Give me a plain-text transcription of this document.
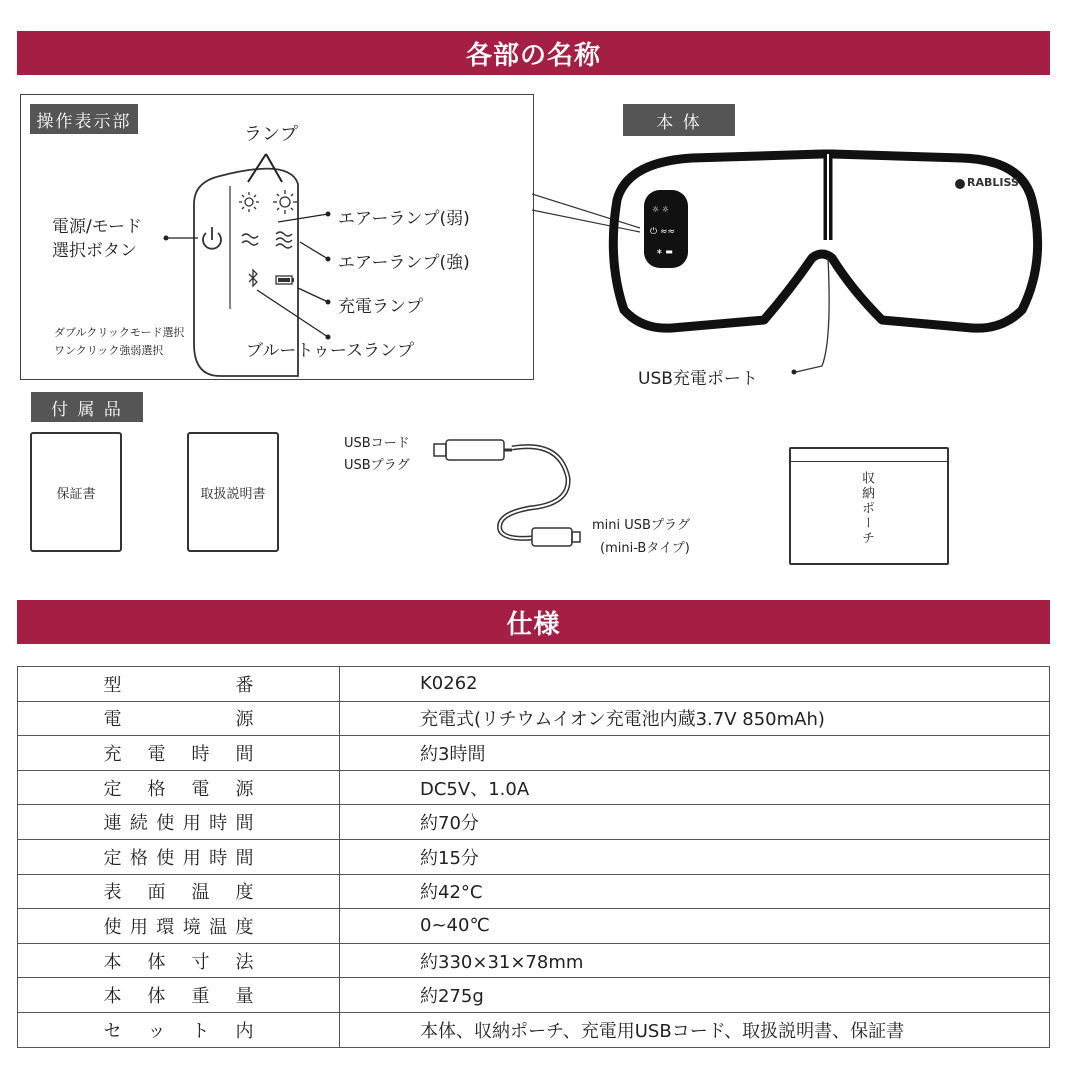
各部の名称
操作表示部
ランプ
電源/モード
選択ボタン
エアーランプ(弱)
エアーランプ(強)
充電ランプ
ブルートゥースランプ
ダブルクリックモード選択
ワンクリック強弱選択
本 体
☼ ☼
⏻ ≈≈
∗ ▬
RABLISS
USB充電ポート
付 属 品
保証書	取扱説明書
USBコード
USBプラグ
mini USBプラグ
(mini-Bタイプ)
収納ポーチ
仕様
型番	K0262
電源	充電式(リチウムイオン充電池内蔵3.7V 850mAh)
充電時間	約3時間
定格電源	DC5V、1.0A
連続使用時間	約70分
定格使用時間	約15分
表面温度	約42°C
使用環境温度	0~40℃
本体寸法	約330×31×78mm
本体重量	約275g
セット内	本体、収納ポーチ、充電用USBコード、取扱説明書、保証書
